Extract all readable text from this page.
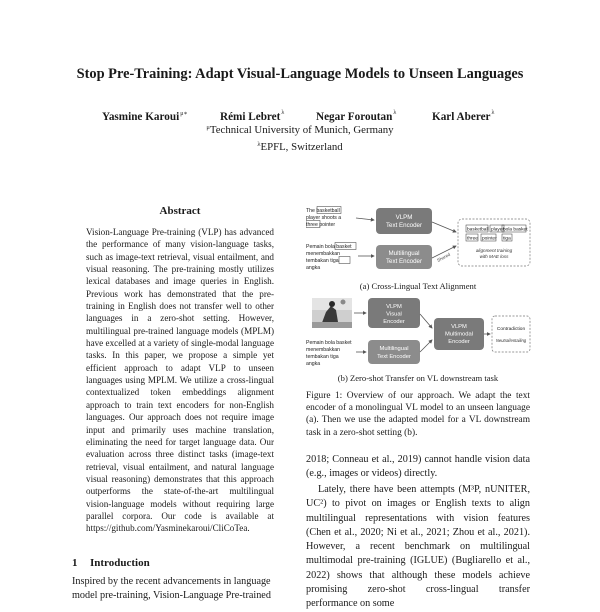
Stop Pre-Training: Adapt Visual-Language Models to Unseen Languages
Yasmine Karoui$^{\mu∗}$	Rémi Lebret$^\lambda$	Negar Foroutan$^\lambda$	Karl Aberer$^\lambda$
$^\mu$Technical University of Munich, Germany
$^\lambda$EPFL, Switzerland
Abstract

Vision-Language Pre-training (VLP) has advanced the performance of many vision-language tasks, such as image-text retrieval, visual entailment, and visual reasoning. The pre-training mostly utilizes lexical databases and image queries in English. Previous work has demonstrated that the pre-training in English does not transfer well to other languages in a zero-shot setting. However, multilingual pre-trained language models (MPLM) have excelled at a variety of single-modal language tasks. In this paper, we propose a simple yet efficient approach to adapt VLP to unseen languages using MPLM. We utilize a cross-lingual contextualized token embeddings alignment approach to train text encoders for non-English languages. Our approach does not require image input and primarily uses machine translation, eliminating the need for target language data. Our evaluation across three distinct tasks (image-text retrieval, visual entailment, and natural language visual reasoning) demonstrates that this approach outperforms the state-of-the-art multilingual vision-language models without requiring large parallel corpora. Our code is available at https://github.com/Yasminekaroui/CliCoTea.

1 Introduction

Inspired by the recent advancements in language

model pre-training, Vision-Language Pre-trained

The basketball
player shoots a
three pointer
Pemain bola basket
menembakkan
tembakan tiga
angka
VLPM
Text Encoder
Multilingual
Text Encoder	Shared
basketball player
three pointer
bola basket
tiga
alignment training
with MAE loss
(a) Cross-Lingual Text Alignment
Pemain bola basket
menembakkan
tembakan tiga
angka
VLPM
Visual
Encoder
Multilingual
Text Encoder
VLPM
Multimodal
Encoder
Contradiction
Neutral/entailing
(b) Zero-shot Transfer on VL downstream task
Figure 1: Overview of our approach. We adapt the text encoder of a monolingual VL model to an unseen language (a). Then we use the adapted model for a VL downstream task in a zero-shot setting (b).

2018; Conneau et al., 2019) cannot handle vision data (e.g., images or videos) directly.

Lately, there have been attempts (M³P, nUNITER, UC²) to pivot on images or English texts to align multilingual representations with vision features (Chen et al., 2020; Ni et al., 2021; Zhou et al., 2021). However, a recent benchmark on multilingual multimodal pre-training (IGLUE) (Bugliarello et al., 2022) shows that although these models achieve promising zero-shot cross-lingual transfer performance on some
